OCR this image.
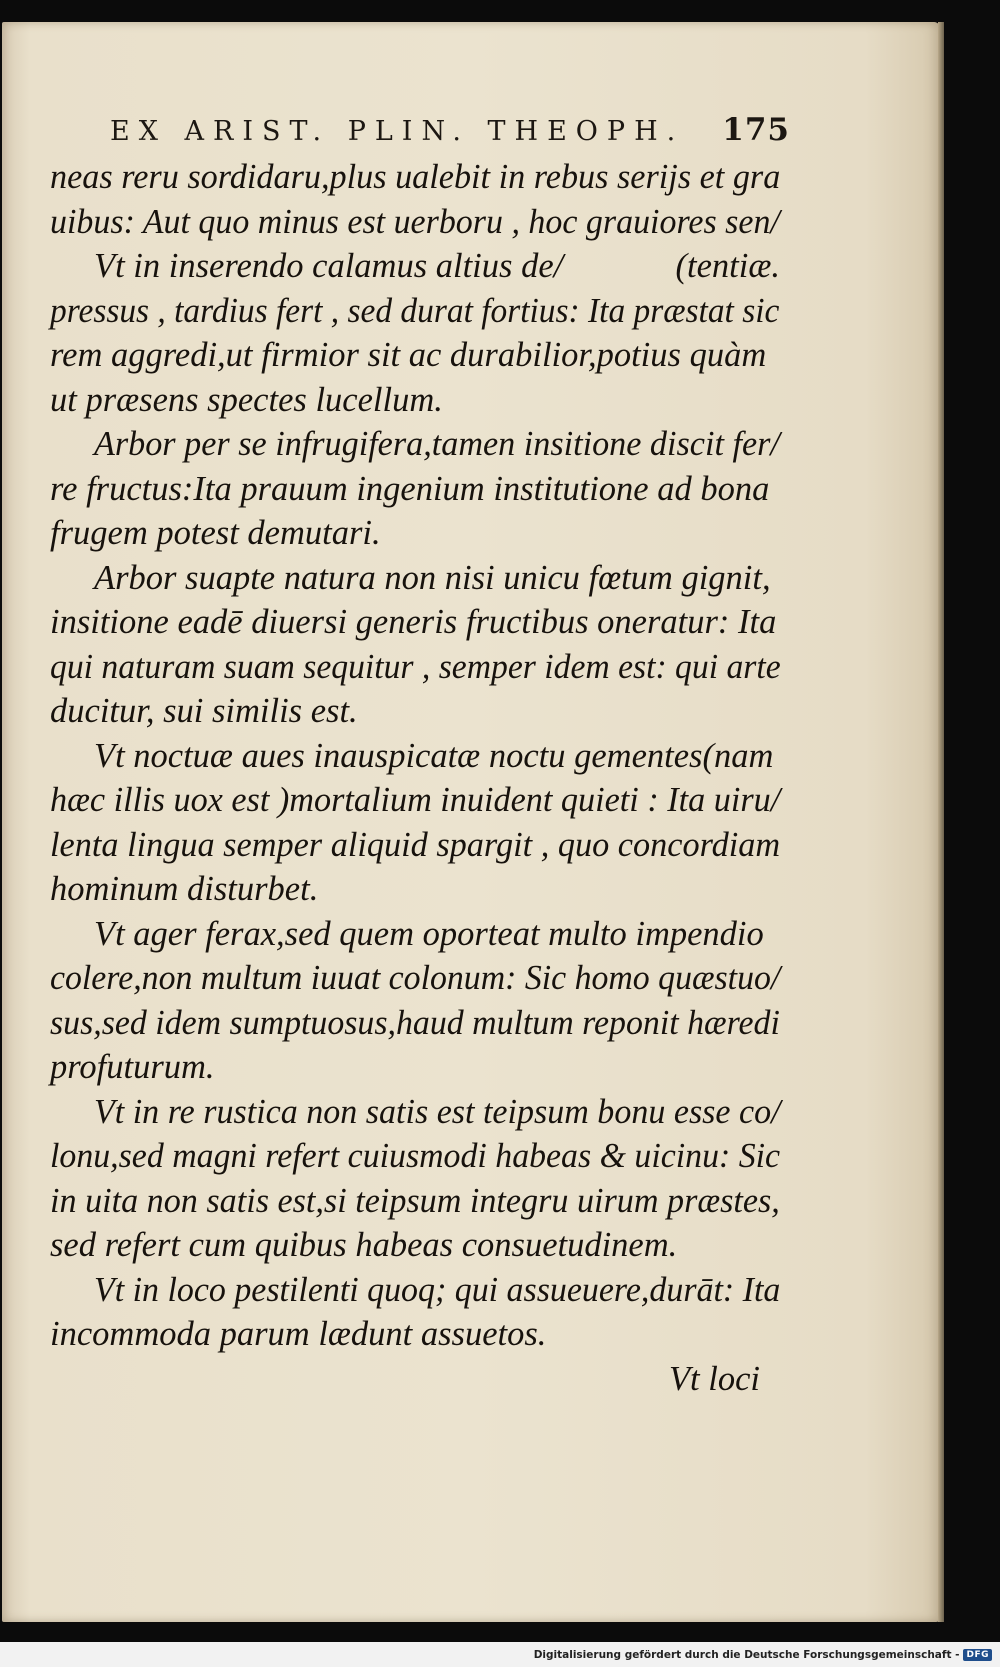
EX ARIST. PLIN. THEOPH. 175
neas reru sordidaru,plus ualebit in rebus serijs et gra
uibus: Aut quo minus est uerboru , hoc grauiores sen/
Vt in inserendo calamus altius de/	(tentiæ.
pressus , tardius fert , sed durat fortius: Ita præstat sic
rem aggredi,ut firmior sit ac durabilior,potius quàm
ut præsens spectes lucellum.
Arbor per se infrugifera,tamen insitione discit fer/
re fructus:Ita prauum ingenium institutione ad bona
frugem potest demutari.
Arbor suapte natura non nisi unicu fœtum gignit,
insitione eadē diuersi generis fructibus oneratur: Ita
qui naturam suam sequitur , semper idem est: qui arte
ducitur, sui similis est.
Vt noctuæ aues inauspicatæ noctu gementes(nam
hæc illis uox est )mortalium inuident quieti : Ita uiru/
lenta lingua semper aliquid spargit , quo concordiam
hominum disturbet.
Vt ager ferax,sed quem oporteat multo impendio
colere,non multum iuuat colonum: Sic homo quæstuo/
sus,sed idem sumptuosus,haud multum reponit hæredi
profuturum.
Vt in re rustica non satis est teipsum bonu esse co/
lonu,sed magni refert cuiusmodi habeas & uicinu: Sic
in uita non satis est,si teipsum integru uirum præstes,
sed refert cum quibus habeas consuetudinem.
Vt in loco pestilenti quoq; qui assueuere,durāt: Ita
incommoda parum lædunt assuetos.
Vt loci
Digitalisierung gefördert durch die Deutsche Forschungsgemeinschaft - DFG
